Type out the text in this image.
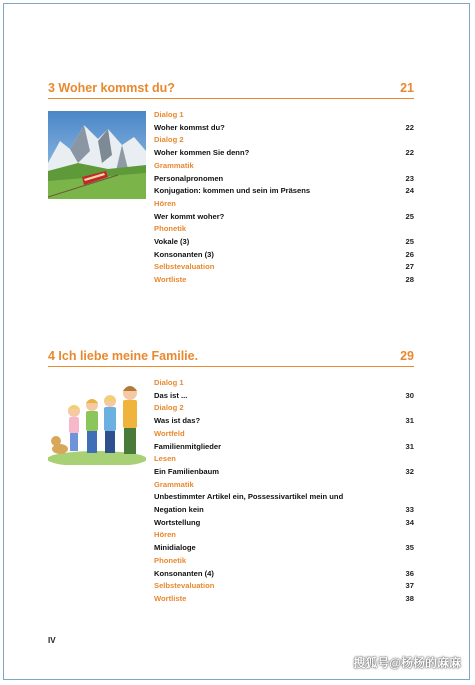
3 Woher kommst du?	21
Dialog 1
Woher kommst du?	22
Dialog 2
Woher kommen Sie denn?	22
Grammatik
Personalpronomen	23
Konjugation: kommen und sein im Präsens	24
Hören
Wer kommt woher?	25
Phonetik
Vokale (3)	25
Konsonanten (3)	26
Selbstevaluation	27
Wortliste	28
4 Ich liebe meine Familie.	29
Dialog 1
Das ist ...	30
Dialog 2
Was ist das?	31
Wortfeld
Familienmitglieder	31
Lesen
Ein Familienbaum	32
Grammatik
Unbestimmter Artikel ein, Possessivartikel mein und
Negation kein	33
Wortstellung	34
Hören
Minidialoge	35
Phonetik
Konsonanten (4)	36
Selbstevaluation	37
Wortliste	38
IV
搜狐号@杨杨的麻麻
